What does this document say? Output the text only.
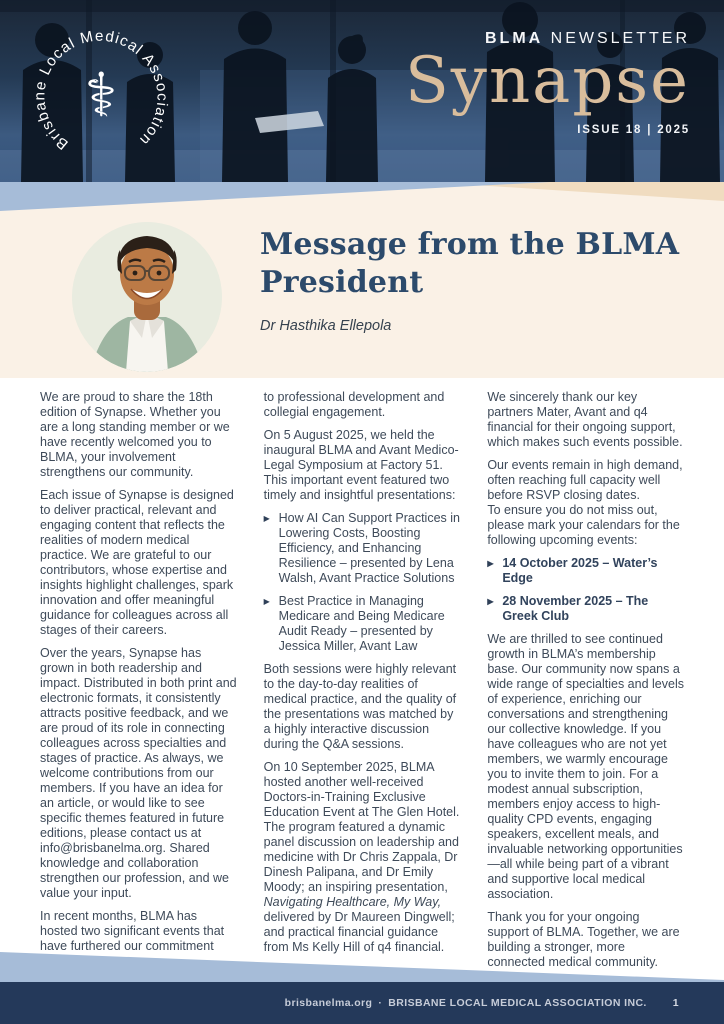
Brisbane Local Medical Association
⚕
BLMA NEWSLETTER
Synapse
ISSUE 18 | 2025
Message from the BLMA President

Dr Hasthika Ellepola

We are proud to share the 18th edition of Synapse. Whether you are a long standing member or we have recently welcomed you to BLMA, your involvement strengthens our community.

Each issue of Synapse is designed to deliver practical, relevant and engaging content that reflects the realities of modern medical practice. We are grateful to our contributors, whose expertise and insights highlight challenges, spark innovation and offer meaningful guidance for colleagues across all stages of their careers.

Over the years, Synapse has grown in both readership and impact. Distributed in both print and electronic formats, it consistently attracts positive feedback, and we are proud of its role in connecting colleagues across specialties and stages of practice. As always, we welcome contributions from our members. If you have an idea for an article, or would like to see specific themes featured in future editions, please contact us at info@brisbanelma.org. Shared knowledge and collaboration strengthen our profession, and we value your input.

In recent months, BLMA has hosted two significant events that have furthered our commitment

to professional development and collegial engagement.

On 5 August 2025, we held the inaugural BLMA and Avant Medico-Legal Symposium at Factory 51. This important event featured two timely and insightful presentations:

▶ How AI Can Support Practices in Lowering Costs, Boosting Efficiency, and Enhancing Resilience – presented by Lena Walsh, Avant Practice Solutions
▶ Best Practice in Managing Medicare and Being Medicare Audit Ready – presented by Jessica Miller, Avant Law

Both sessions were highly relevant to the day-to-day realities of medical practice, and the quality of the presentations was matched by a highly interactive discussion during the Q&A sessions.

On 10 September 2025, BLMA hosted another well-received Doctors-in-Training Exclusive Education Event at The Glen Hotel. The program featured a dynamic panel discussion on leadership and medicine with Dr Chris Zappala, Dr Dinesh Palipana, and Dr Emily Moody; an inspiring presentation, Navigating Healthcare, My Way, delivered by Dr Maureen Dingwell; and practical financial guidance from Ms Kelly Hill of q4 financial.

We sincerely thank our key partners Mater, Avant and q4 financial for their ongoing support, which makes such events possible.

Our events remain in high demand, often reaching full capacity well before RSVP closing dates.
To ensure you do not miss out, please mark your calendars for the following upcoming events:

▶ 14 October 2025 – Water’s Edge
▶ 28 November 2025 – The Greek Club

We are thrilled to see continued growth in BLMA’s membership base. Our community now spans a wide range of specialties and levels of experience, enriching our conversations and strengthening our collective knowledge. If you have colleagues who are not yet members, we warmly encourage you to invite them to join. For a modest annual subscription, members enjoy access to high-quality CPD events, engaging speakers, excellent meals, and invaluable networking opportunities—all while being part of a vibrant and supportive local medical association.

Thank you for your ongoing support of BLMA. Together, we are building a stronger, more connected medical community.

brisbanelma.org · BRISBANE LOCAL MEDICAL ASSOCIATION INC. 1
